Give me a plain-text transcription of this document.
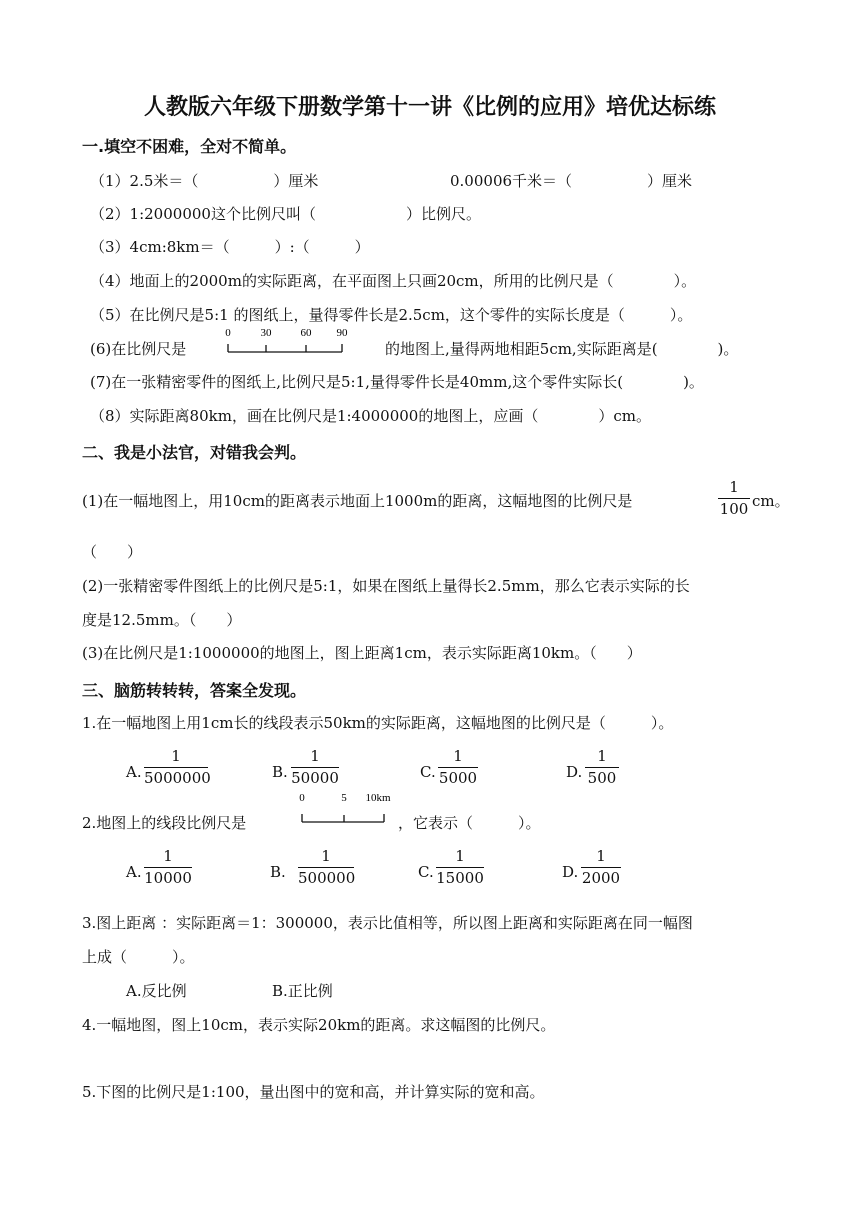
人教版六年级下册数学第十一讲《比例的应用》培优达标练
一.填空不困难，全对不简单。
（1）2.5米＝（　　　　　）厘米	0.00006千米＝（　　　　　）厘米
（2）1:2000000这个比例尺叫（　　　　　　）比例尺。
（3）4cm:8km＝（　　　）:（　　　）
（4）地面上的2000m的实际距离，在平面图上只画20cm，所用的比例尺是（　　　　）。
（5）在比例尺是5:1 的图纸上，量得零件长是2.5cm，这个零件的实际长度是（　　　）。
(6)在比例尺是
0	30	60 90
的地图上,量得两地相距5cm,实际距离是(　　　　)。
(7)在一张精密零件的图纸上,比例尺是5:1,量得零件长是40mm,这个零件实际长(　　　　)。
（8）实际距离80km，画在比例尺是1:4000000的地图上，应画（　　　　）cm。
二、我是小法官，对错我会判。
(1)在一幅地图上，用10cm的距离表示地面上1000m的距离，这幅地图的比例尺是
1
100 cm。
（　　）
(2)一张精密零件图纸上的比例尺是5:1，如果在图纸上量得长2.5mm，那么它表示实际的长
度是12.5mm。（　　）
(3)在比例尺是1:1000000的地图上，图上距离1cm，表示实际距离10km。（　　）
三、脑筋转转转，答案全发现。
1.在一幅地图上用1cm长的线段表示50km的实际距离，这幅地图的比例尺是（　　　）。
A.
1
5000000	B.
1
50000	C.
1
5000	D.
1
500
2.地图上的线段比例尺是
0	5 10km
，它表示（　　　）。
A.
1
10000	B.
1
500000	C.
1
15000	D.
1
2000
3.图上距离 ：实际距离＝1：300000，表示比值相等，所以图上距离和实际距离在同一幅图
上成（　　　）。
A.反比例	B.正比例
4.一幅地图，图上10cm，表示实际20km的距离。求这幅图的比例尺。
5.下图的比例尺是1:100，量出图中的宽和高，并计算实际的宽和高。
